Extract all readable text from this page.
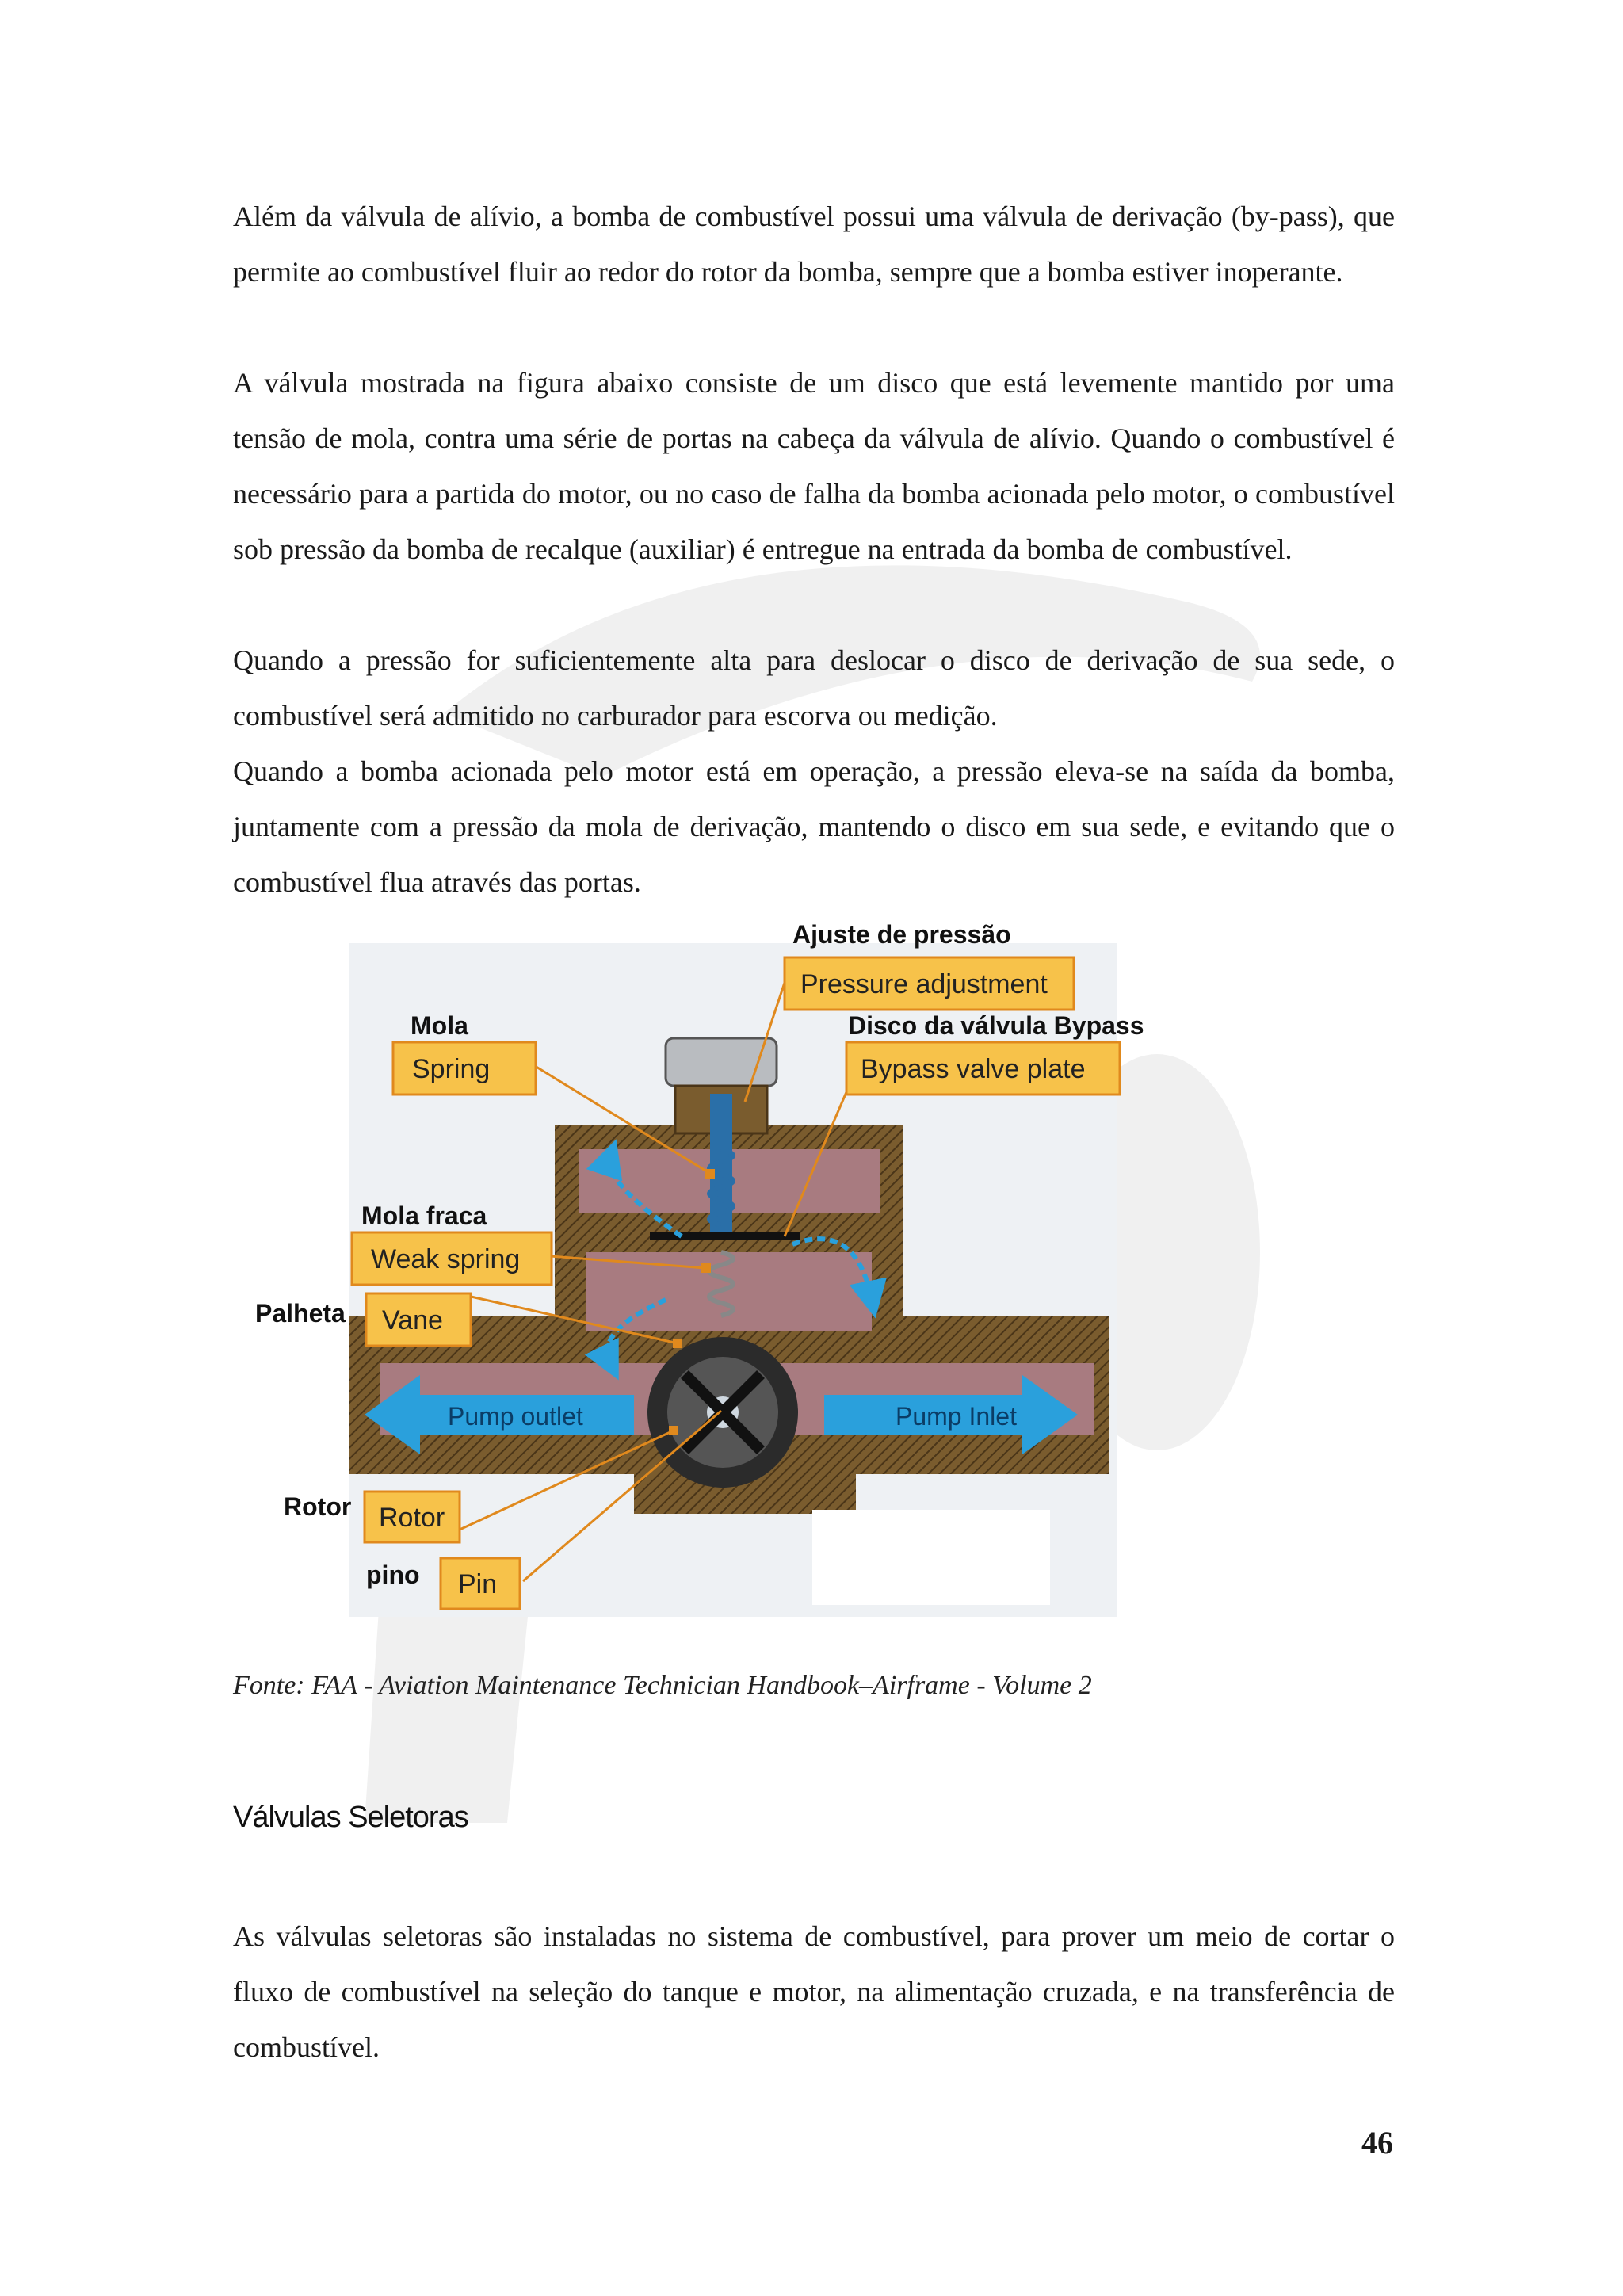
Além da válvula de alívio, a bomba de combustível possui uma válvula de derivação (by-pass), que permite ao combustível fluir ao redor do rotor da bomba, sempre que a bomba estiver inoperante.

A válvula mostrada na figura abaixo consiste de um disco que está levemente mantido por uma tensão de mola, contra uma série de portas na cabeça da válvula de alívio. Quando o combustível é necessário para a partida do motor, ou no caso de falha da bomba acionada pelo motor, o combustível sob pressão da bomba de recalque (auxiliar) é entregue na entrada da bomba de combustível.

Quando a pressão for suficientemente alta para deslocar o disco de derivação de sua sede, o combustível será admitido no carburador para escorva ou medição.

Quando a bomba acionada pelo motor está em operação, a pressão eleva-se na saída da bomba, juntamente com a pressão da mola de derivação, mantendo o disco em sua sede, e evitando que o combustível flua através das portas.

Pump outlet	Pump Inlet
Ajuste de pressão
Pressure adjustment
Mola
Spring
Disco da válvula Bypass
Bypass valve plate
Mola fraca
Weak spring
Palheta Vane
Rotor Rotor
pino Pin
Fonte: FAA - Aviation Maintenance Technician Handbook–Airframe - Volume 2
Válvulas Seletoras

As válvulas seletoras são instaladas no sistema de combustível, para prover um meio de cortar o fluxo de combustível na seleção do tanque e motor, na alimentação cruzada, e na transferência de combustível.

46
